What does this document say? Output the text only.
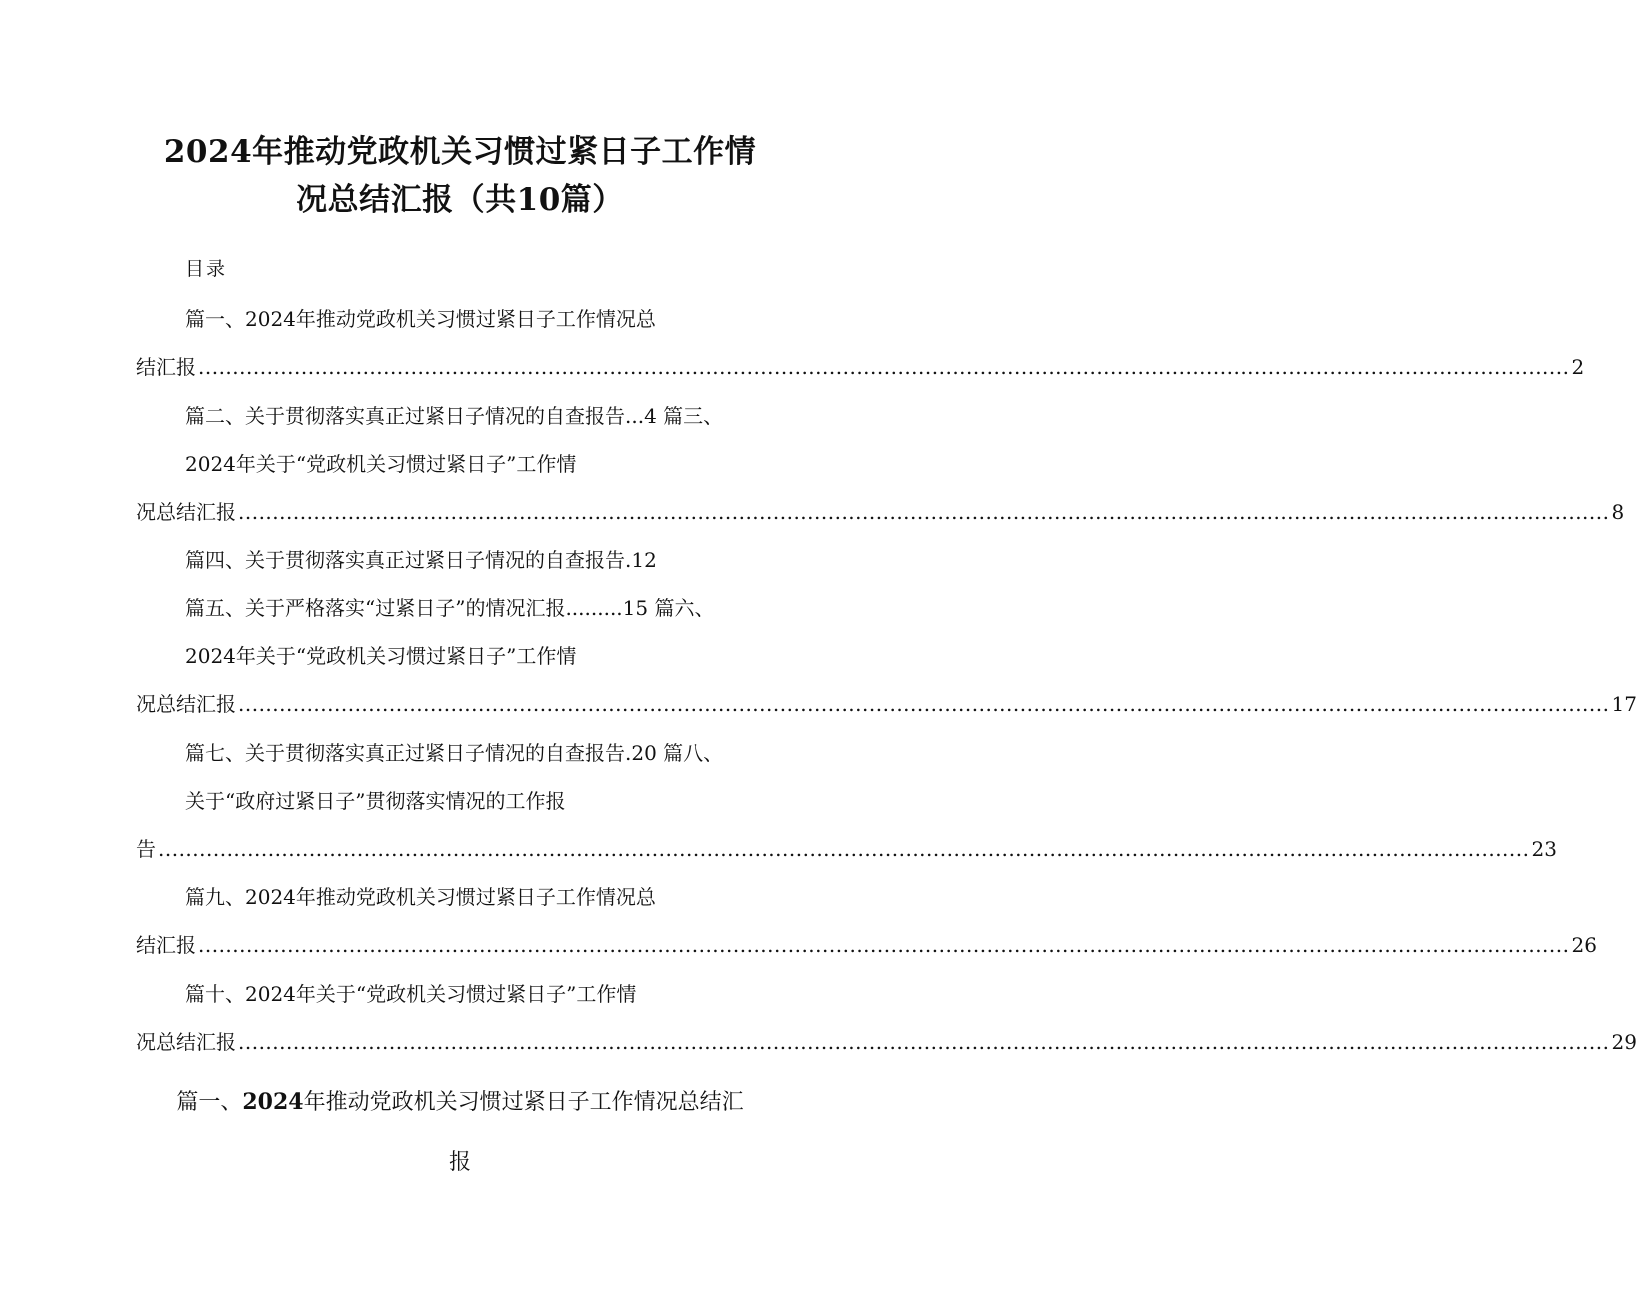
2024年推动党政机关习惯过紧日子工作情
况总结汇报（共10篇）
目录
篇一、2024年推动党政机关习惯过紧日子工作情况总
结汇报 ........................................................................................................................................................................................................ 2
篇二、关于贯彻落实真正过紧日子情况的自查报告...4 篇三、
2024年关于“党政机关习惯过紧日子”工作情
况总结汇报 ........................................................................................................................................................................................................ 8
篇四、关于贯彻落实真正过紧日子情况的自查报告.12
篇五、关于严格落实“过紧日子”的情况汇报.........15 篇六、
2024年关于“党政机关习惯过紧日子”工作情
况总结汇报 ........................................................................................................................................................................................................ 17
篇七、关于贯彻落实真正过紧日子情况的自查报告.20 篇八、
关于“政府过紧日子”贯彻落实情况的工作报
告 ........................................................................................................................................................................................................ 23
篇九、2024年推动党政机关习惯过紧日子工作情况总
结汇报 ........................................................................................................................................................................................................ 26
篇十、2024年关于“党政机关习惯过紧日子”工作情
况总结汇报 ........................................................................................................................................................................................................ 29
篇一、2024年推动党政机关习惯过紧日子工作情况总结汇
报
